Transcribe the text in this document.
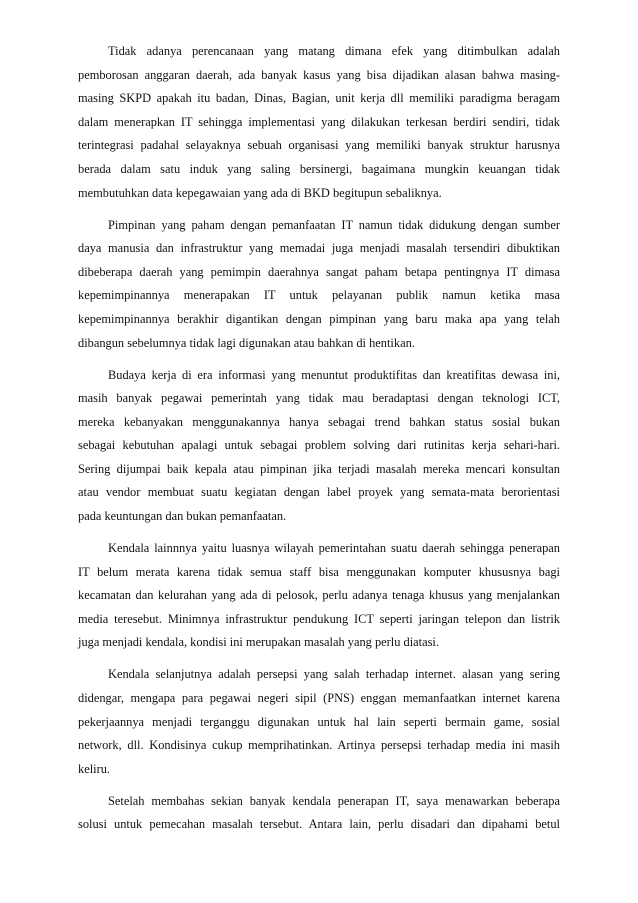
Tidak adanya perencanaan yang matang dimana efek yang ditimbulkan adalah
pemborosan anggaran daerah, ada banyak kasus yang bisa dijadikan alasan bahwa masing-
masing SKPD apakah itu badan, Dinas, Bagian, unit kerja dll memiliki paradigma beragam
dalam menerapkan IT sehingga implementasi yang dilakukan terkesan berdiri sendiri, tidak
terintegrasi padahal selayaknya sebuah organisasi yang memiliki banyak struktur harusnya
berada dalam satu induk yang saling bersinergi, bagaimana mungkin keuangan tidak
membutuhkan data kepegawaian yang ada di BKD begitupun sebaliknya.

Pimpinan yang paham dengan pemanfaatan IT namun tidak didukung dengan sumber
daya manusia dan infrastruktur yang memadai juga menjadi masalah tersendiri dibuktikan
dibeberapa daerah yang pemimpin daerahnya sangat paham betapa pentingnya IT dimasa
kepemimpinannya menerapakan IT untuk pelayanan publik namun ketika masa
kepemimpinannya berakhir digantikan dengan pimpinan yang baru maka apa yang telah
dibangun sebelumnya tidak lagi digunakan atau bahkan di hentikan.

Budaya kerja di era informasi yang menuntut produktifitas dan kreatifitas dewasa ini,
masih banyak pegawai pemerintah yang tidak mau beradaptasi dengan teknologi ICT,
mereka kebanyakan menggunakannya hanya sebagai trend bahkan status sosial bukan
sebagai kebutuhan apalagi untuk sebagai problem solving dari rutinitas kerja sehari-hari.
Sering dijumpai baik kepala atau pimpinan jika terjadi masalah mereka mencari konsultan
atau vendor membuat suatu kegiatan dengan label proyek yang semata-mata berorientasi
pada keuntungan dan bukan pemanfaatan.

Kendala lainnnya yaitu luasnya wilayah pemerintahan suatu daerah sehingga penerapan
IT belum merata karena tidak semua staff bisa menggunakan komputer khususnya bagi
kecamatan dan kelurahan yang ada di pelosok, perlu adanya tenaga khusus yang menjalankan
media teresebut. Minimnya infrastruktur pendukung ICT seperti jaringan telepon dan listrik
juga menjadi kendala, kondisi ini merupakan masalah yang perlu diatasi.

Kendala selanjutnya adalah persepsi yang salah terhadap internet. alasan yang sering
didengar, mengapa para pegawai negeri sipil (PNS) enggan memanfaatkan internet karena
pekerjaannya menjadi terganggu digunakan untuk hal lain seperti bermain game, sosial
network, dll. Kondisinya cukup memprihatinkan. Artinya persepsi terhadap media ini masih
keliru.

Setelah membahas sekian banyak kendala penerapan IT, saya menawarkan beberapa
solusi untuk pemecahan masalah tersebut. Antara lain, perlu disadari dan dipahami betul
